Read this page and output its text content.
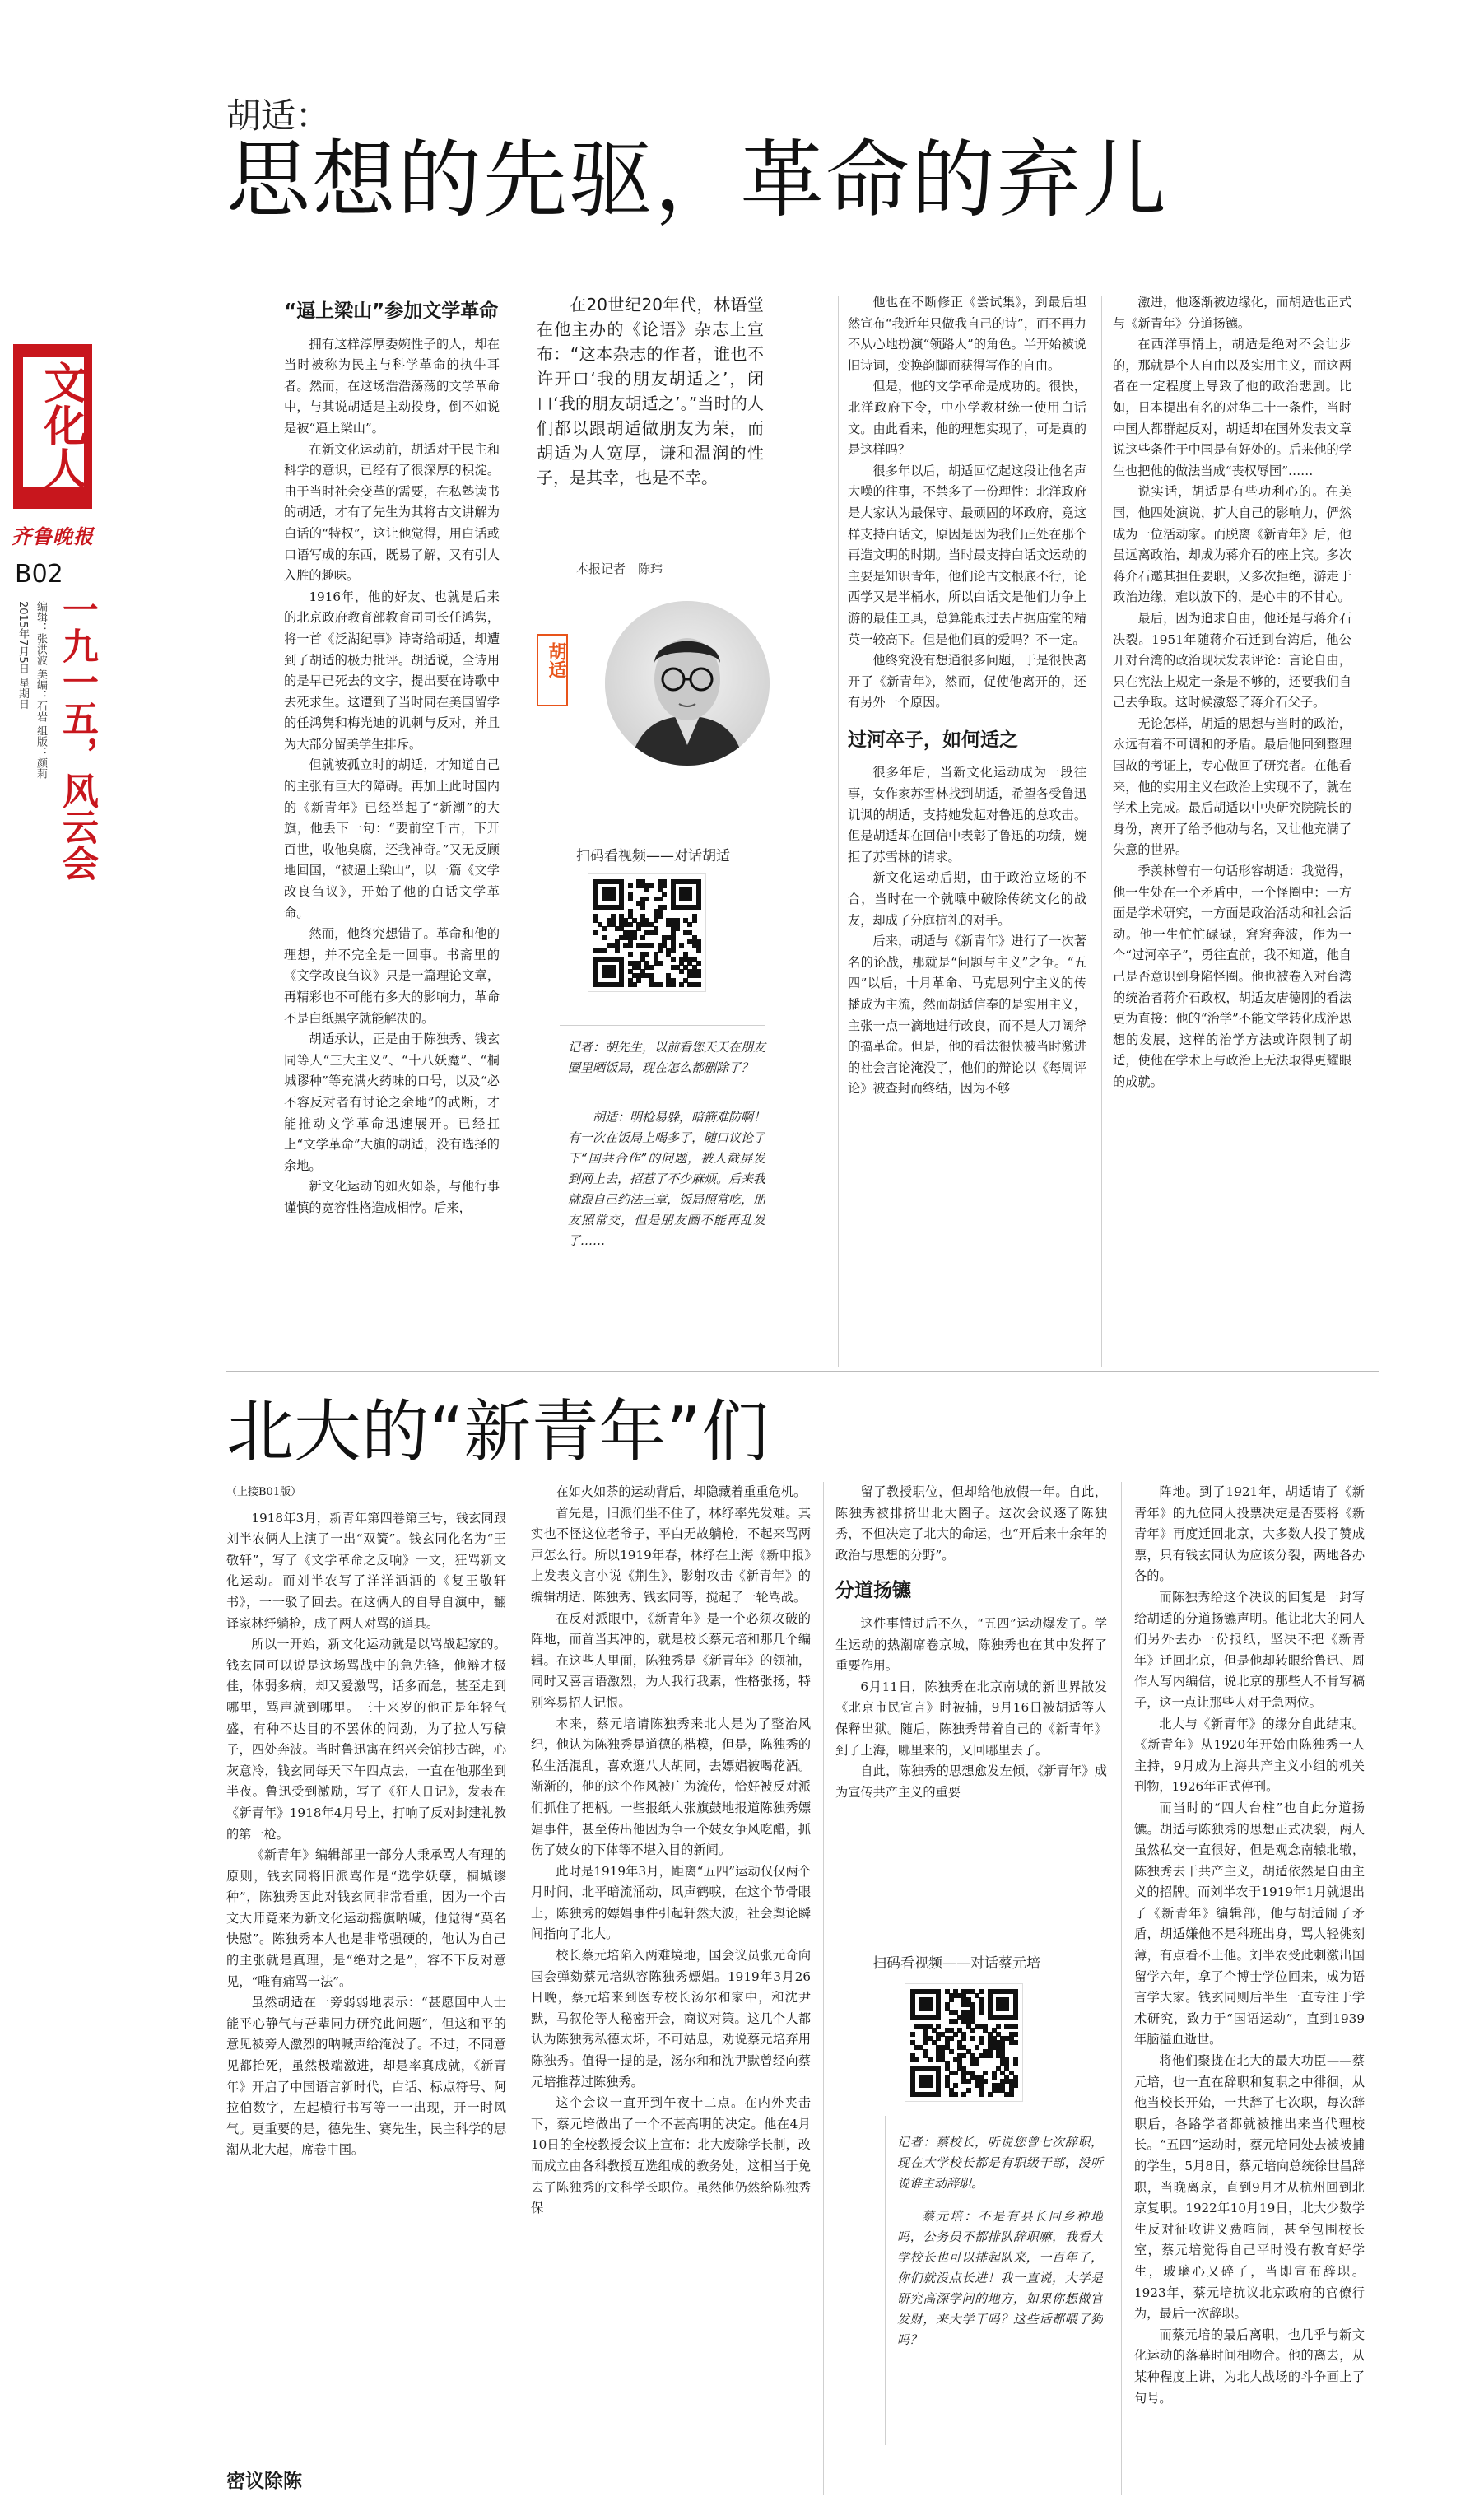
文化人
齐鲁晚报
B02
2015年7月5日 星期日 编辑：张洪波 美编：石岩 组版：颜莉 一九一五，风云会
胡适：
思想的先驱，革命的弃儿
“逼上梁山”参加文学革命

拥有这样淳厚委婉性子的人，却在当时被称为民主与科学革命的执牛耳者。然而，在这场浩浩荡荡的文学革命中，与其说胡适是主动投身，倒不如说是被“逼上梁山”。

在新文化运动前，胡适对于民主和科学的意识，已经有了很深厚的积淀。由于当时社会变革的需要，在私塾读书的胡适，才有了先生为其将古文讲解为白话的“特权”，这让他觉得，用白话或口语写成的东西，既易了解，又有引人入胜的趣味。

1916年，他的好友、也就是后来的北京政府教育部教育司司长任鸿隽，将一首《泛湖纪事》诗寄给胡适，却遭到了胡适的极力批评。胡适说，全诗用的是早已死去的文字，提出要在诗歌中去死求生。这遭到了当时同在美国留学的任鸿隽和梅光迪的讥刺与反对，并且为大部分留美学生排斥。

但就被孤立时的胡适，才知道自己的主张有巨大的障碍。再加上此时国内的《新青年》已经举起了“新潮”的大旗，他丢下一句：“要前空千古，下开百世，收他臭腐，还我神奇。”又无反顾地回国，“被逼上梁山”，以一篇《文学改良刍议》，开始了他的白话文学革命。

然而，他终究想错了。革命和他的理想，并不完全是一回事。书斋里的《文学改良刍议》只是一篇理论文章，再精彩也不可能有多大的影响力，革命不是白纸黑字就能解决的。

胡适承认，正是由于陈独秀、钱玄同等人“三大主义”、“十八妖魔”、“桐城谬种”等充满火药味的口号，以及“必不容反对者有讨论之余地”的武断，才能推动文学革命迅速展开。已经扛上“文学革命”大旗的胡适，没有选择的余地。

新文化运动的如火如荼，与他行事谨慎的宽容性格造成相悖。后来，

在20世纪20年代，林语堂在他主办的《论语》杂志上宣布：“这本杂志的作者，谁也不许开口‘我的朋友胡适之’，闭口‘我的朋友胡适之’。”当时的人们都以跟胡适做朋友为荣，而胡适为人宽厚，谦和温润的性子，是其幸，也是不幸。
本报记者　陈玮
胡适
扫码看视频——对话胡适
记者：胡先生，以前看您天天在朋友圈里晒饭局，现在怎么都删除了？
胡适：明枪易躲，暗箭难防啊！有一次在饭局上喝多了，随口议论了下“国共合作”的问题，被人截屏发到网上去，招惹了不少麻烦。后来我就跟自己约法三章，饭局照常吃，朋友照常交，但是朋友圈不能再乱发了……

他也在不断修正《尝试集》，到最后坦然宣布“我近年只做我自己的诗”，而不再力不从心地扮演“领路人”的角色。半开始被说旧诗词，变换韵脚而获得写作的自由。

但是，他的文学革命是成功的。很快，北洋政府下令，中小学教材统一使用白话文。由此看来，他的理想实现了，可是真的是这样吗？

很多年以后，胡适回忆起这段让他名声大噪的往事，不禁多了一份理性：北洋政府是大家认为最保守、最顽固的坏政府，竟这样支持白话文，原因是因为我们正处在那个再造文明的时期。当时最支持白话文运动的主要是知识青年，他们论古文根底不行，论西学又是半桶水，所以白话文是他们力争上游的最佳工具，总算能跟过去占据庙堂的精英一较高下。但是他们真的爱吗？不一定。

他终究没有想通很多问题，于是很快离开了《新青年》，然而，促使他离开的，还有另外一个原因。

过河卒子，如何适之

很多年后，当新文化运动成为一段往事，女作家苏雪林找到胡适，希望各受鲁迅讥讽的胡适，支持她发起对鲁迅的总攻击。但是胡适却在回信中表彰了鲁迅的功绩，婉拒了苏雪林的请求。

新文化运动后期，由于政治立场的不合，当时在一个就嚷中破除传统文化的战友，却成了分庭抗礼的对手。

后来，胡适与《新青年》进行了一次著名的论战，那就是“问题与主义”之争。“五四”以后，十月革命、马克思列宁主义的传播成为主流，然而胡适信奉的是实用主义，主张一点一滴地进行改良，而不是大刀阔斧的搞革命。但是，他的看法很快被当时激进的社会言论淹没了，他们的辩论以《每周评论》被查封而终结，因为不够

激进，他逐渐被边缘化，而胡适也正式与《新青年》分道扬镳。

在西洋事情上，胡适是绝对不会让步的，那就是个人自由以及实用主义，而这两者在一定程度上导致了他的政治悲剧。比如，日本提出有名的对华二十一条件，当时中国人都群起反对，胡适却在国外发表文章说这些条件于中国是有好处的。后来他的学生也把他的做法当成“丧权辱国”……

说实话，胡适是有些功利心的。在美国，他四处演说，扩大自己的影响力，俨然成为一位活动家。而脱离《新青年》后，他虽远离政治，却成为蒋介石的座上宾。多次蒋介石邀其担任要职，又多次拒绝，游走于政治边缘，难以放下的，是心中的不甘心。

最后，因为追求自由，他还是与蒋介石决裂。1951年随蒋介石迁到台湾后，他公开对台湾的政治现状发表评论：言论自由，只在宪法上规定一条是不够的，还要我们自己去争取。这时候激怒了蒋介石父子。

无论怎样，胡适的思想与当时的政治，永远有着不可调和的矛盾。最后他回到整理国故的考证上，专心做回了研究者。在他看来，他的实用主义在政治上实现不了，就在学术上完成。最后胡适以中央研究院院长的身份，离开了给予他动与名，又让他充满了失意的世界。

季羡林曾有一句话形容胡适：我觉得，他一生处在一个矛盾中，一个怪圈中：一方面是学术研究，一方面是政治活动和社会活动。他一生忙忙碌碌，窘窘奔波，作为一个“过河卒子”，勇往直前，我不知道，他自己是否意识到身陷怪圈。他也被卷入对台湾的统治者蒋介石政权，胡适友唐德刚的看法更为直接：他的“治学”不能文学转化成治思想的发展，这样的治学方法或许限制了胡适，使他在学术上与政治上无法取得更耀眼的成就。

北大的“新青年”们
（上接B01版）

1918年3月，新青年第四卷第三号，钱玄同跟刘半农俩人上演了一出“双簧”。钱玄同化名为“王敬轩”，写了《文学革命之反响》一文，狂骂新文化运动。而刘半农写了洋洋洒洒的《复王敬轩书》，一一驳了回去。在这俩人的自导自演中，翻译家林纾躺枪，成了两人对骂的道具。

所以一开始，新文化运动就是以骂战起家的。钱玄同可以说是这场骂战中的急先锋，他辩才极佳，体弱多病，却又爱激骂，话多而急，甚至走到哪里，骂声就到哪里。三十来岁的他正是年轻气盛，有种不达目的不罢休的闹劲，为了拉人写稿子，四处奔波。当时鲁迅寓在绍兴会馆抄古碑，心灰意冷，钱玄同每天下午四点去，一直在他那坐到半夜。鲁迅受到激励，写了《狂人日记》，发表在《新青年》1918年4月号上，打响了反对封建礼教的第一枪。

《新青年》编辑部里一部分人秉承骂人有理的原则，钱玄同将旧派骂作是“选学妖孽，桐城谬种”，陈独秀因此对钱玄同非常看重，因为一个古文大师竟来为新文化运动摇旗呐喊，他觉得“莫名快慰”。陈独秀本人也是非常强硬的，他认为自己的主张就是真理，是“绝对之是”，容不下反对意见，“唯有痛骂一法”。

虽然胡适在一旁弱弱地表示：“甚愿国中人士能平心静气与吾辈同力研究此问题”，但这和平的意见被旁人激烈的呐喊声给淹没了。不过，不同意见都抬死，虽然极端激进，却是率真成就，《新青年》开启了中国语言新时代，白话、标点符号、阿拉伯数字，左起横行书写等一一出现，开一时风气。更重要的是，德先生、赛先生，民主科学的思潮从北大起，席卷中国。

密议除陈

在如火如荼的运动背后，却隐藏着重重危机。

首先是，旧派们坐不住了，林纾率先发难。其实也不怪这位老爷子，平白无故躺枪，不起来骂两声怎么行。所以1919年春，林纾在上海《新申报》上发表文言小说《荆生》，影射攻击《新青年》的编辑胡适、陈独秀、钱玄同等，搅起了一轮骂战。

在反对派眼中，《新青年》是一个必须攻破的阵地，而首当其冲的，就是校长蔡元培和那几个编辑。在这些人里面，陈独秀是《新青年》的领袖，同时又喜言语激烈，为人我行我素，性格张扬，特别容易招人记恨。

本来，蔡元培请陈独秀来北大是为了整治风纪，他认为陈独秀是道德的楷模，但是，陈独秀的私生活混乱，喜欢逛八大胡同，去嫖娼被喝花酒。渐渐的，他的这个作风被广为流传，恰好被反对派们抓住了把柄。一些报纸大张旗鼓地报道陈独秀嫖娼事件，甚至传出他因为争一个妓女争风吃醋，抓伤了妓女的下体等不堪入目的新闻。

此时是1919年3月，距离“五四”运动仅仅两个月时间，北平暗流涌动，风声鹤唳，在这个节骨眼上，陈独秀的嫖娼事件引起轩然大波，社会舆论瞬间指向了北大。

校长蔡元培陷入两难境地，国会议员张元奇向国会弹劾蔡元培纵容陈独秀嫖娼。1919年3月26日晚，蔡元培来到医专校长汤尔和家中，和沈尹默，马叙伦等人秘密开会，商议对策。这几个人都认为陈独秀私德太坏，不可姑息，劝说蔡元培弃用陈独秀。值得一提的是，汤尔和和沈尹默曾经向蔡元培推荐过陈独秀。

这个会议一直开到午夜十二点。在内外夹击下，蔡元培做出了一个不甚高明的决定。他在4月10日的全校教授会议上宣布：北大废除学长制，改而成立由各科教授互选组成的教务处，这相当于免去了陈独秀的文科学长职位。虽然他仍然给陈独秀保

留了教授职位，但却给他放假一年。自此，陈独秀被排挤出北大圈子。这次会议逐了陈独秀，不但决定了北大的命运，也“开后来十余年的政治与思想的分野”。

分道扬镳

这件事情过后不久，“五四”运动爆发了。学生运动的热潮席卷京城，陈独秀也在其中发挥了重要作用。

6月11日，陈独秀在北京南城的新世界散发《北京市民宣言》时被捕，9月16日被胡适等人保释出狱。随后，陈独秀带着自己的《新青年》到了上海，哪里来的，又回哪里去了。

自此，陈独秀的思想愈发左倾，《新青年》成为宣传共产主义的重要

扫码看视频——对话蔡元培
记者：蔡校长，听说您曾七次辞职，现在大学校长都是有职级干部，没听说谁主动辞职。
蔡元培：不是有县长回乡种地吗，公务员不都排队辞职嘛，我看大学校长也可以排起队来，一百年了，你们就没点长进！我一直说，大学是研究高深学问的地方，如果你想做官发财，来大学干吗？这些话都喂了狗吗？

阵地。到了1921年，胡适请了《新青年》的九位同人投票决定是否要将《新青年》再度迁回北京，大多数人投了赞成票，只有钱玄同认为应该分裂，两地各办各的。

而陈独秀给这个决议的回复是一封写给胡适的分道扬镳声明。他让北大的同人们另外去办一份报纸，坚决不把《新青年》迁回北京，但是他却转眼给鲁迅、周作人写内编信，说北京的那些人不肯写稿子，这一点让那些人对于急两位。

北大与《新青年》的缘分自此结束。《新青年》从1920年开始由陈独秀一人主持，9月成为上海共产主义小组的机关刊物，1926年正式停刊。

而当时的“四大台柱”也自此分道扬镳。胡适与陈独秀的思想正式决裂，两人虽然私交一直很好，但是观念南辕北辙，陈独秀去干共产主义，胡适依然是自由主义的招牌。而刘半农于1919年1月就退出了《新青年》编辑部，他与胡适闹了矛盾，胡适嫌他不是科班出身，骂人轻佻刻薄，有点看不上他。刘半农受此刺激出国留学六年，拿了个博士学位回来，成为语言学大家。钱玄同则后半生一直专注于学术研究，致力于“国语运动”，直到1939年脑溢血逝世。

将他们聚拢在北大的最大功臣——蔡元培，也一直在辞职和复职之中徘徊，从他当校长开始，一共辞了七次职，每次辞职后，各路学者都就被推出来当代理校长。“五四”运动时，蔡元培同处去被被捕的学生，5月8日，蔡元培向总统徐世昌辞职，当晚离京，直到9月才从杭州回到北京复职。1922年10月19日，北大少数学生反对征收讲义费喧闹，甚至包围校长室，蔡元培觉得自己平时没有教育好学生，玻璃心又碎了，当即宣布辞职。1923年，蔡元培抗议北京政府的官僚行为，最后一次辞职。

而蔡元培的最后离职，也几乎与新文化运动的落幕时间相吻合。他的离去，从某种程度上讲，为北大战场的斗争画上了句号。
